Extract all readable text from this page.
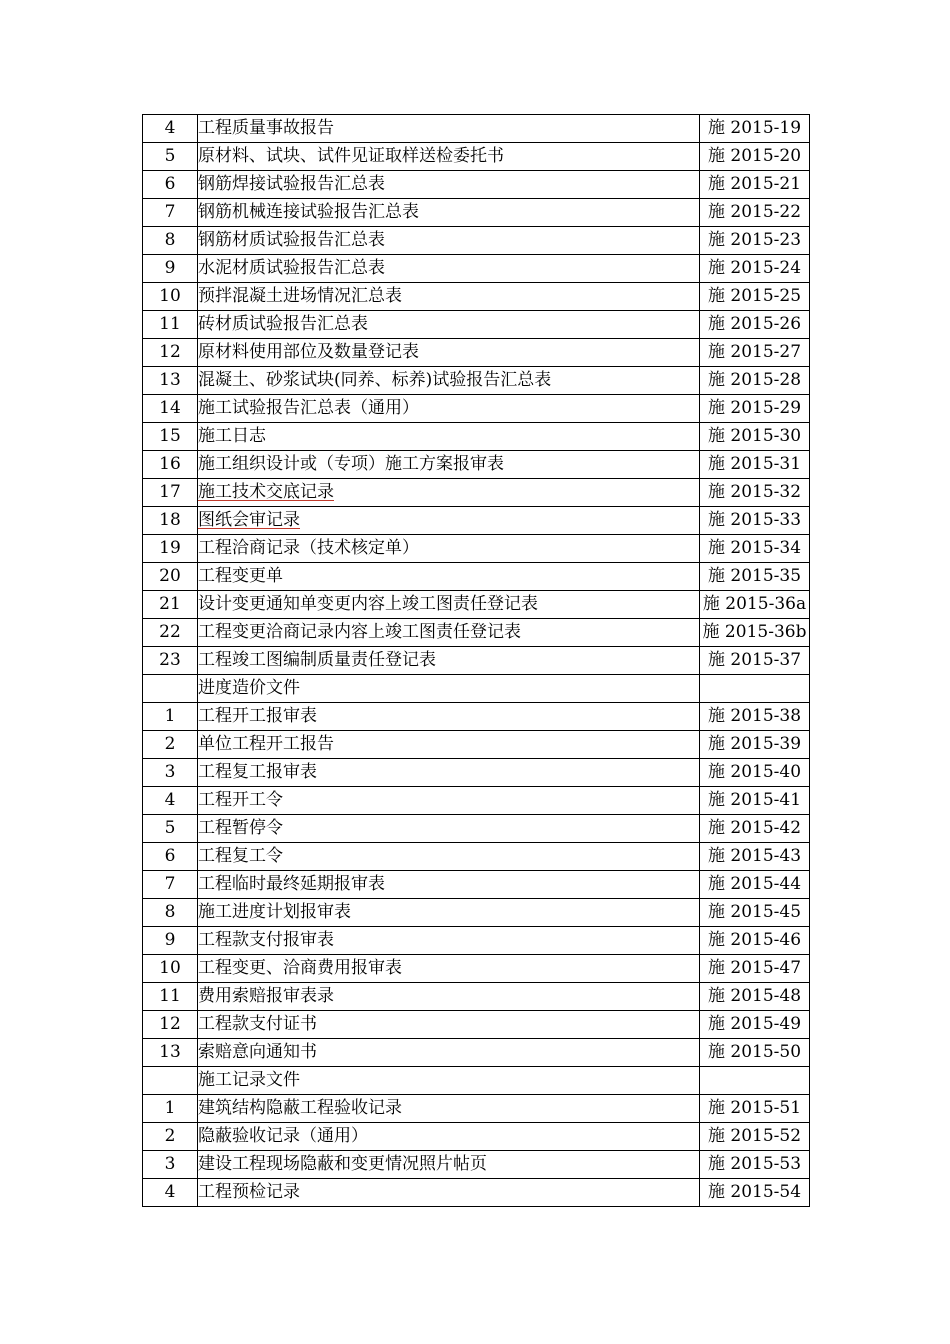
4	工程质量事故报告	施 2015-19
5	原材料、试块、试件见证取样送检委托书	施 2015-20
6	钢筋焊接试验报告汇总表	施 2015-21
7	钢筋机械连接试验报告汇总表	施 2015-22
8	钢筋材质试验报告汇总表	施 2015-23
9	水泥材质试验报告汇总表	施 2015-24
10	预拌混凝土进场情况汇总表	施 2015-25
11	砖材质试验报告汇总表	施 2015-26
12	原材料使用部位及数量登记表	施 2015-27
13	混凝土、砂浆试块(同养、标养)试验报告汇总表	施 2015-28
14	施工试验报告汇总表（通用）	施 2015-29
15	施工日志	施 2015-30
16	施工组织设计或（专项）施工方案报审表	施 2015-31
17	施工技术交底记录	施 2015-32
18	图纸会审记录	施 2015-33
19	工程洽商记录（技术核定单）	施 2015-34
20	工程变更单	施 2015-35
21	设计变更通知单变更内容上竣工图责任登记表	施 2015-36a
22	工程变更洽商记录内容上竣工图责任登记表	施 2015-36b
23	工程竣工图编制质量责任登记表	施 2015-37
	进度造价文件	
1	工程开工报审表	施 2015-38
2	单位工程开工报告	施 2015-39
3	工程复工报审表	施 2015-40
4	工程开工令	施 2015-41
5	工程暂停令	施 2015-42
6	工程复工令	施 2015-43
7	工程临时最终延期报审表	施 2015-44
8	施工进度计划报审表	施 2015-45
9	工程款支付报审表	施 2015-46
10	工程变更、洽商费用报审表	施 2015-47
11	费用索赔报审表录	施 2015-48
12	工程款支付证书	施 2015-49
13	索赔意向通知书	施 2015-50
	施工记录文件	
1	建筑结构隐蔽工程验收记录	施 2015-51
2	隐蔽验收记录（通用）	施 2015-52
3	建设工程现场隐蔽和变更情况照片帖页	施 2015-53
4	工程预检记录	施 2015-54
